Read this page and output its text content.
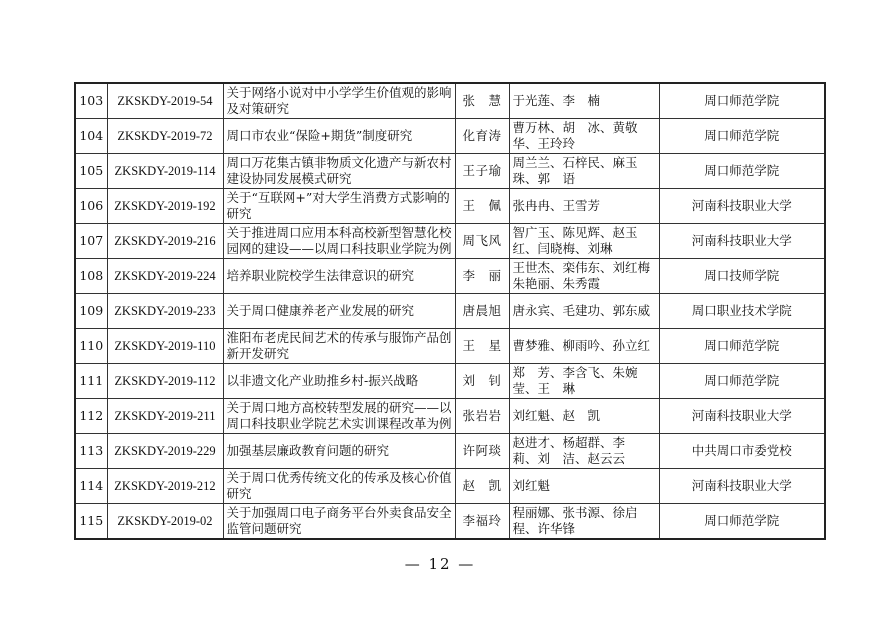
103	ZKSKDY-2019-54	关于网络小说对中小学学生价值观的影响及对策研究	张　慧	于光莲、李　楠	周口师范学院
104	ZKSKDY-2019-72	周口市农业“保险+期货”制度研究	化育涛	曹万林、胡　冰、黄敬华、王玲玲	周口师范学院
105	ZKSKDY-2019-114	周口万花集古镇非物质文化遗产与新农村建设协同发展模式研究	王子瑜	周兰兰、石梓民、麻玉珠、郭　语	周口师范学院
106	ZKSKDY-2019-192	关于“互联网+”对大学生消费方式影响的研究	王　佩	张冉冉、王雪芳	河南科技职业大学
107	ZKSKDY-2019-216	关于推进周口应用本科高校新型智慧化校园网的建设——以周口科技职业学院为例	周飞风	智广玉、陈见辉、赵玉红、闫晓梅、刘琳	河南科技职业大学
108	ZKSKDY-2019-224	培养职业院校学生法律意识的研究	李　丽	王世杰、栾伟东、刘红梅朱艳丽、朱秀霞	周口技师学院
109	ZKSKDY-2019-233	关于周口健康养老产业发展的研究	唐晨旭	唐永宾、毛建功、郭东威	周口职业技术学院
110	ZKSKDY-2019-110	淮阳布老虎民间艺术的传承与服饰产品创新开发研究	王　星	曹梦雅、柳雨吟、孙立红	周口师范学院
111	ZKSKDY-2019-112	以非遗文化产业助推乡村-振兴战略	刘　钊	郑　芳、李含飞、朱婉莹、王　琳	周口师范学院
112	ZKSKDY-2019-211	关于周口地方高校转型发展的研究——以周口科技职业学院艺术实训课程改革为例	张岩岩	刘红魁、赵　凯	河南科技职业大学
113	ZKSKDY-2019-229	加强基层廉政教育问题的研究	许阿琰	赵进才、杨超群、李　莉、刘　洁、赵云云	中共周口市委党校
114	ZKSKDY-2019-212	关于周口优秀传统文化的传承及核心价值研究	赵　凯	刘红魁	河南科技职业大学
115	ZKSKDY-2019-02	关于加强周口电子商务平台外卖食品安全监管问题研究	李福玲	程丽娜、张书源、徐启程、许华锋	周口师范学院
— 12 —
